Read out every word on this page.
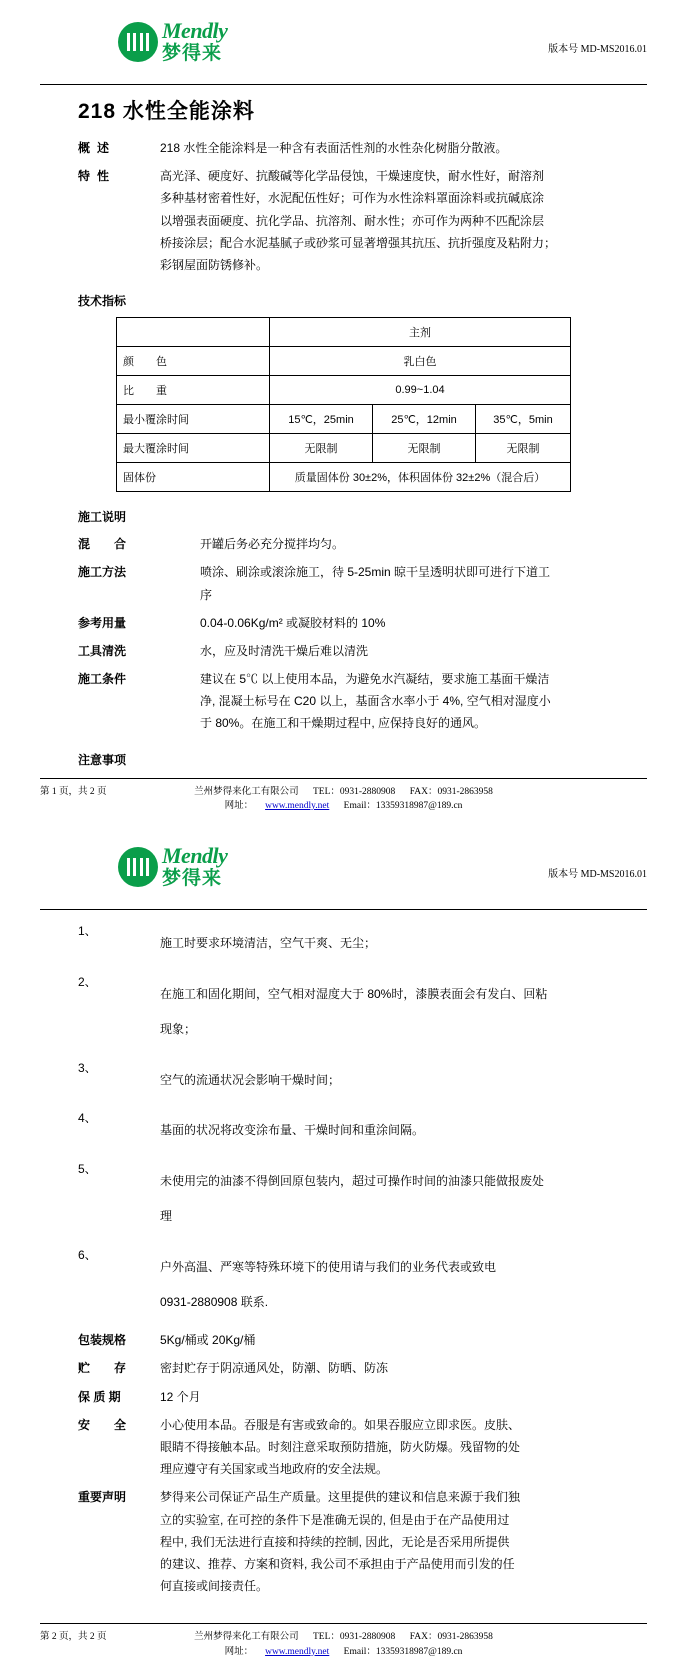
Mendly
梦得来	版本号 MD-MS2016.01
218 水性全能涂料
概述	218 水性全能涂料是一种含有表面活性剂的水性杂化树脂分散液。
特性	高光泽、硬度好、抗酸碱等化学品侵蚀，干燥速度快，耐水性好，耐溶剂

多种基材密着性好，水泥配伍性好；可作为水性涂料罩面涂料或抗碱底涂

以增强表面硬度、抗化学品、抗溶剂、耐水性；亦可作为两种不匹配涂层

桥接涂层；配合水泥基腻子或砂浆可显著增强其抗压、抗折强度及粘附力；

彩钢屋面防锈修补。

技术指标
	主剂		
颜　　色	乳白色		
比　　重	0.99~1.04		
最小覆涂时间	15℃，25min	25℃，12min	35℃，5min
最大覆涂时间	无限制	无限制	无限制
固体份	质量固体份 30±2%，体积固体份 32±2%（混合后）		
施工说明
混　　合	开罐后务必充分搅拌均匀。

施工方法	喷涂、刷涂或滚涂施工，待 5-25min 晾干呈透明状即可进行下道工

序

参考用量	0.04-0.06Kg/m² 或凝胶材料的 10%

工具清洗	水，应及时清洗干燥后难以清洗

施工条件	建议在 5℃ 以上使用本品，为避免水汽凝结，要求施工基面干燥洁

净, 混凝土标号在 C20 以上，基面含水率小于 4%, 空气相对湿度小

于 80%。在施工和干燥期过程中, 应保持良好的通风。

注意事项
第 1 页，共 2 页	兰州梦得来化工有限公司 TEL：0931-2880908 FAX：0931-2863958
网址： www.mendly.net Email：13359318987@189.cn
Mendly
梦得来	版本号 MD-MS2016.01
1、

施工时要求环境清洁，空气干爽、无尘；

2、

在施工和固化期间，空气相对湿度大于 80%时，漆膜表面会有发白、回粘

现象；

3、

空气的流通状况会影响干燥时间；

4、

基面的状况将改变涂布量、干燥时间和重涂间隔。

5、

未使用完的油漆不得倒回原包装内，超过可操作时间的油漆只能做报废处

理

6、

户外高温、严寒等特殊环境下的使用请与我们的业务代表或致电

0931-2880908 联系.

包装规格	5Kg/桶或 20Kg/桶

贮　　存	密封贮存于阴凉通风处，防潮、防晒、防冻

保 质 期	12 个月

安　　全	小心使用本品。吞服是有害或致命的。如果吞服应立即求医。皮肤、

眼睛不得接触本品。时刻注意采取预防措施，防火防爆。残留物的处

理应遵守有关国家或当地政府的安全法规。

重要声明	梦得来公司保证产品生产质量。这里提供的建议和信息来源于我们独

立的实验室, 在可控的条件下是准确无误的, 但是由于在产品使用过

程中, 我们无法进行直接和持续的控制, 因此，无论是否采用所提供

的建议、推荐、方案和资料, 我公司不承担由于产品使用而引发的任

何直接或间接责任。

第 2 页，共 2 页	兰州梦得来化工有限公司 TEL：0931-2880908 FAX：0931-2863958
网址： www.mendly.net Email：13359318987@189.cn
